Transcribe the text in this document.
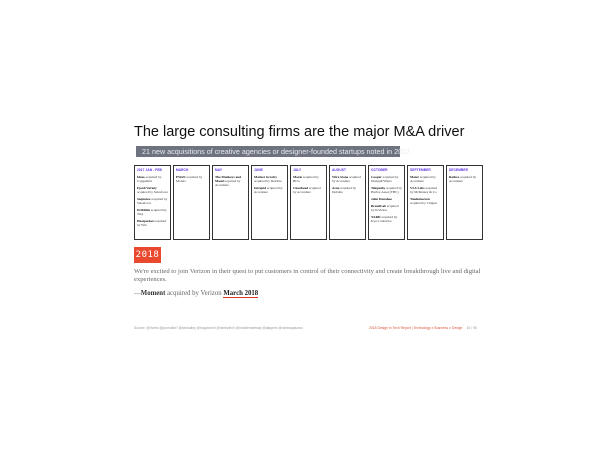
The large consulting firms are the major M&A driver
21 new acquisitions of creative agencies or designer-founded startups noted in 2017.
2017 JAN - FEB
Ideas acquired by Capgemini
Fjord/Variety acquired by Salesforce
Sequence acquired by Salesforce
Dribbble acquired by Tiny
Heatpocket acquired by Wix
MARCH
PWaN acquired by Mondo
MAY
The Monkeys and Maud acquired by Accenture
JUNE
Market Gravity acquired by Deloitte
Intrepid acquired by Accenture
JULY
Moxie acquired by BCG
Clearhead acquired by Accenture
AUGUST
Wire Stone acquired by Accenture
Acne acquired by Deloitte
OCTOBER
Cooper acquired by Designit/Wipro
Telepathy acquired by Harbor Asset (TBC)
John Donahoe
BrandLab acquired by InVision
YARD acquired by Kyu Collective
SEPTEMBER
Mater acquired by Accenture
VLS Labs acquired by McKinsey & Co
Tandemseven acquired by Cmgurt
DECEMBER
Rothco acquired by Accenture
2018
We're excited to join Verizon in their quest to put customers in control of their connectivity and create breakthrough live and digital experiences.
—Moment acquired by Verizon March 2018
Source: @Harris @journalist? @kenkailey @hugoramirl @nimbytech @moistemdetsap @dappers @nimbappazaro	2018 Design in Tech Report | Technology ≠ Business ≠ Design 15 / 95
